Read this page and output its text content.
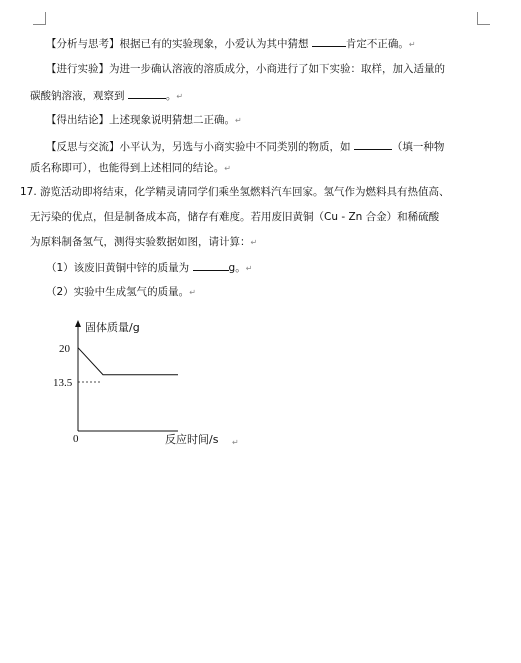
【分析与思考】根据已有的实验现象，小爱认为其中猜想	肯定不正确。↵
【进行实验】为进一步确认溶液的溶质成分，小商进行了如下实验：取样，加入适量的
碳酸钠溶液，观察到	。↵
【得出结论】上述现象说明猜想二正确。↵
【反思与交流】小平认为，另选与小商实验中不同类别的物质，如	（填一种物
质名称即可），也能得到上述相同的结论。↵
17. 游览活动即将结束，化学精灵请同学们乘坐氢燃料汽车回家。氢气作为燃料具有热值高、
无污染的优点，但是制备成本高，储存有难度。若用废旧黄铜（Cu - Zn 合金）和稀硫酸
为原料制备氢气，测得实验数据如图，请计算：↵
（1）该废旧黄铜中锌的质量为	g。↵
（2）实验中生成氢气的质量。↵
固体质量/g
反应时间/s
0
20
13.5
↵
